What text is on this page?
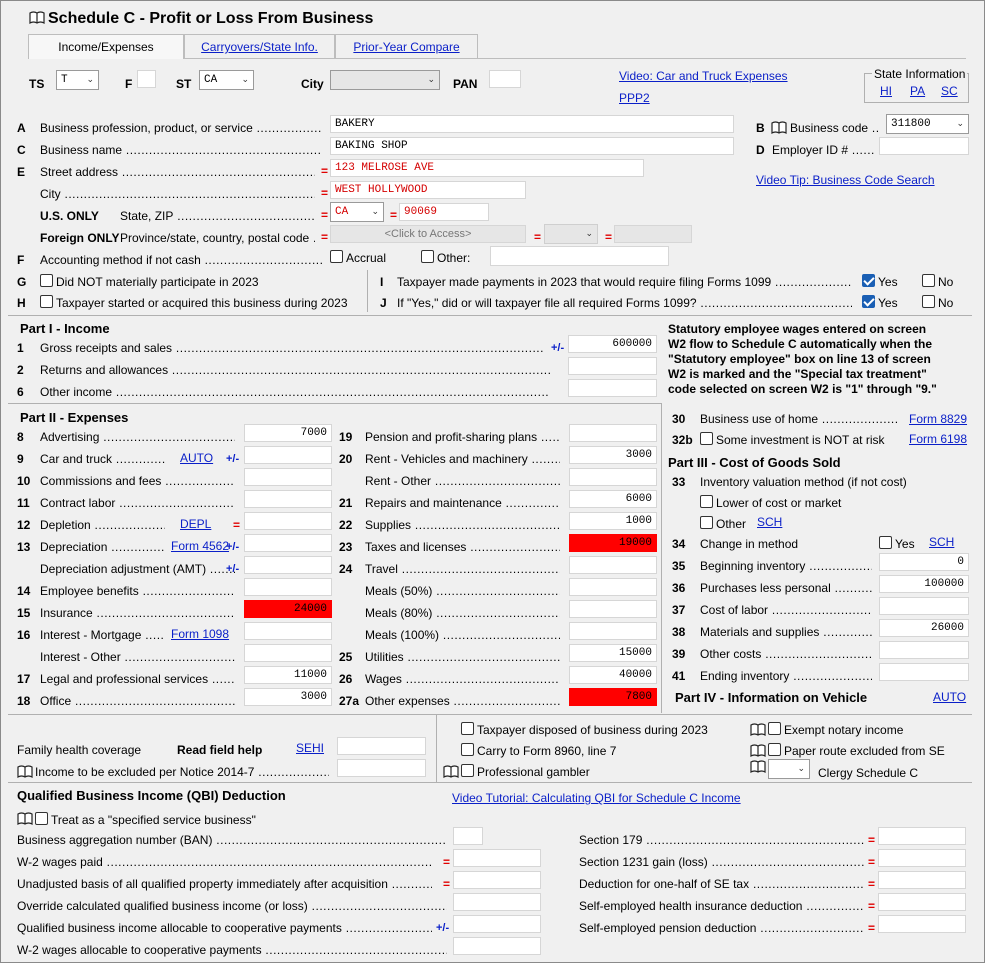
Schedule C - Profit or Loss From Business
Income/Expenses	Carryovers/State Info.	Prior-Year Compare
TS	T ⌄	F	ST	CA	⌄	City	⌄ PAN
Video: Car and Truck Expenses
PPP2
State Information
HI PA SC
A Business profession, product, or service .....	BAKERY	B Business code .....	311800	⌄
C Business name .....	BAKING SHOP	D Employer ID # .....
E Street address .....	= 123 MELROSE AVE
Video Tip: Business Code Search
City .....	= WEST HOLLYWOOD
U.S. ONLY State, ZIP .....	= CA	⌄ = 90069
Foreign ONLY Province/state, country, postal code ..... =	<Click to Access>	=	⌄ =
F Accounting method if not cash .....	Accrual	Other:
G Did NOT materially participate in 2023
H	Taxpayer started or acquired this business during 2023
I Taxpayer made payments in 2023 that would require filing Forms 1099 .....	Yes	No
J If "Yes," did or will taxpayer file all required Forms 1099? .....	Yes	No
Part I - Income
1 Gross receipts and sales .....	+/-	600000
2 Returns and allowances .....
6 Other income .....
Statutory employee wages entered on screen
W2 flow to Schedule C automatically when the
"Statutory employee" box on line 13 of screen
W2 is marked and the "Special tax treatment"
code selected on screen W2 is "1" through "9."
Part II - Expenses
8 Advertising .....	7000
9 Car and truck .....	AUTO +/-
10 Commissions and fees .....
11 Contract labor .....
12 Depletion .....	DEPL =
13 Depreciation .....	Form 4562
+/-
Depreciation adjustment (AMT) .....	+/-
14 Employee benefits .....
15 Insurance .....	24000
16 Interest - Mortgage .....	Form 1098
Interest - Other .....
17 Legal and professional services .....	11000
18 Office .....	3000
19 Pension and profit-sharing plans .....
20 Rent - Vehicles and machinery .....	3000
Rent - Other .....
21 Repairs and maintenance .....	6000
22 Supplies .....	1000
23 Taxes and licenses .....	19000
24 Travel .....
Meals (50%) .....
Meals (80%) .....
Meals (100%) .....
25 Utilities .....	15000
26 Wages .....	40000
27a Other expenses .....	7800
30 Business use of home .....	Form 8829
32b Some investment is NOT at risk Form 6198
Part III - Cost of Goods Sold
33 Inventory valuation method (if not cost)
Lower of cost or market
Other SCH
34 Change in method	Yes SCH
35 Beginning inventory .....	0
36 Purchases less personal .....	100000
37 Cost of labor .....
38 Materials and supplies .....	26000
39 Other costs .....
41 Ending inventory .....
Part IV - Information on Vehicle	AUTO
Family health coverage	Read field help	SEHI
Income to be excluded per Notice 2014-7 .....
Taxpayer disposed of business during 2023
Carry to Form 8960, line 7
Professional gambler
Exempt notary income
Paper route excluded from SE
⌄ Clergy Schedule C
Qualified Business Income (QBI) Deduction	Video Tutorial: Calculating QBI for Schedule C Income
Treat as a "specified service business"
Business aggregation number (BAN) .....
W-2 wages paid .....	=
Unadjusted basis of all qualified property immediately after acquisition .....	=
Override calculated qualified business income (or loss) .....
Qualified business income allocable to cooperative payments .....	+/-
W-2 wages allocable to cooperative payments .....
Section 179 .....	=
Section 1231 gain (loss) .....	=
Deduction for one-half of SE tax .....	=
Self-employed health insurance deduction .....	=
Self-employed pension deduction .....	=
